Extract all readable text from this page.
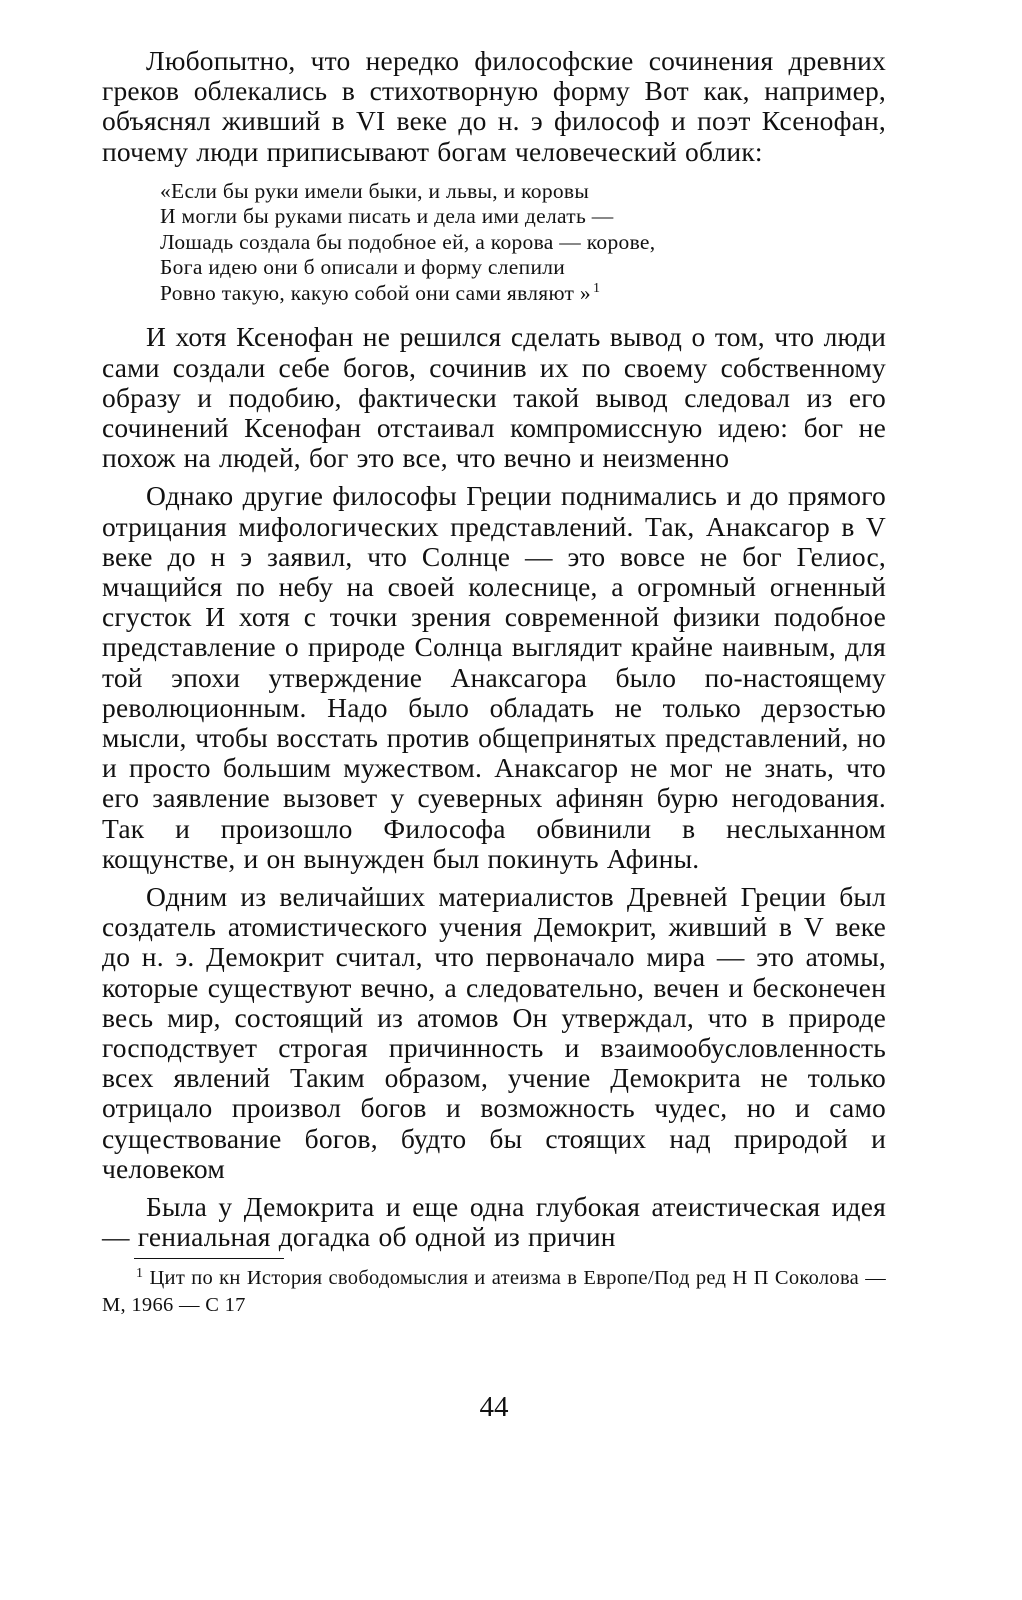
Любопытно, что нередко философские сочинения древних греков облекались в стихотворную форму Вот как, например, объяснял живший в VI веке до н. э философ и поэт Ксенофан, почему люди приписывают богам человеческий облик:

«Если бы руки имели быки, и львы, и коровы
И могли бы руками писать и дела ими делать —
Лошадь создала бы подобное ей, а корова — корове,
Бога идею они б описали и форму слепили
Ровно такую, какую собой они сами являют » $^1$

И хотя Ксенофан не решился сделать вывод о том, что люди сами создали себе богов, сочинив их по своему собственному образу и подобию, фактически такой вывод следовал из его сочинений Ксенофан отстаивал компромиссную идею: бог не похож на людей, бог это все, что вечно и неизменно

Однако другие философы Греции поднимались и до прямого отрицания мифологических представлений. Так, Анаксагор в V веке до н э заявил, что Солнце — это вовсе не бог Гелиос, мчащийся по небу на своей колеснице, а огромный огненный сгусток И хотя с точки зрения современной физики подобное представление о природе Солнца выглядит крайне наивным, для той эпохи утверждение Анаксагора было по-настоящему революционным. Надо было обладать не только дерзостью мысли, чтобы восстать против общепринятых представлений, но и просто большим мужеством. Анаксагор не мог не знать, что его заявление вызовет у суеверных афинян бурю негодования. Так и произошло Философа обвинили в неслыханном кощунстве, и он вынужден был покинуть Афины.

Одним из величайших материалистов Древней Греции был создатель атомистического учения Демокрит, живший в V веке до н. э. Демокрит считал, что первоначало мира — это атомы, которые существуют вечно, а следовательно, вечен и бесконечен весь мир, состоящий из атомов Он утверждал, что в природе господствует строгая причинность и взаимообусловленность всех явлений Таким образом, учение Демокрита не только отрицало произвол богов и возможность чудес, но и само существование богов, будто бы стоящих над природой и человеком

Была у Демокрита и еще одна глубокая атеистическая идея — гениальная догадка об одной из причин

$^1$ Цит по кн История свободомыслия и атеизма в Европе/Под ред Н П Соколова — М, 1966 — С 17

44
